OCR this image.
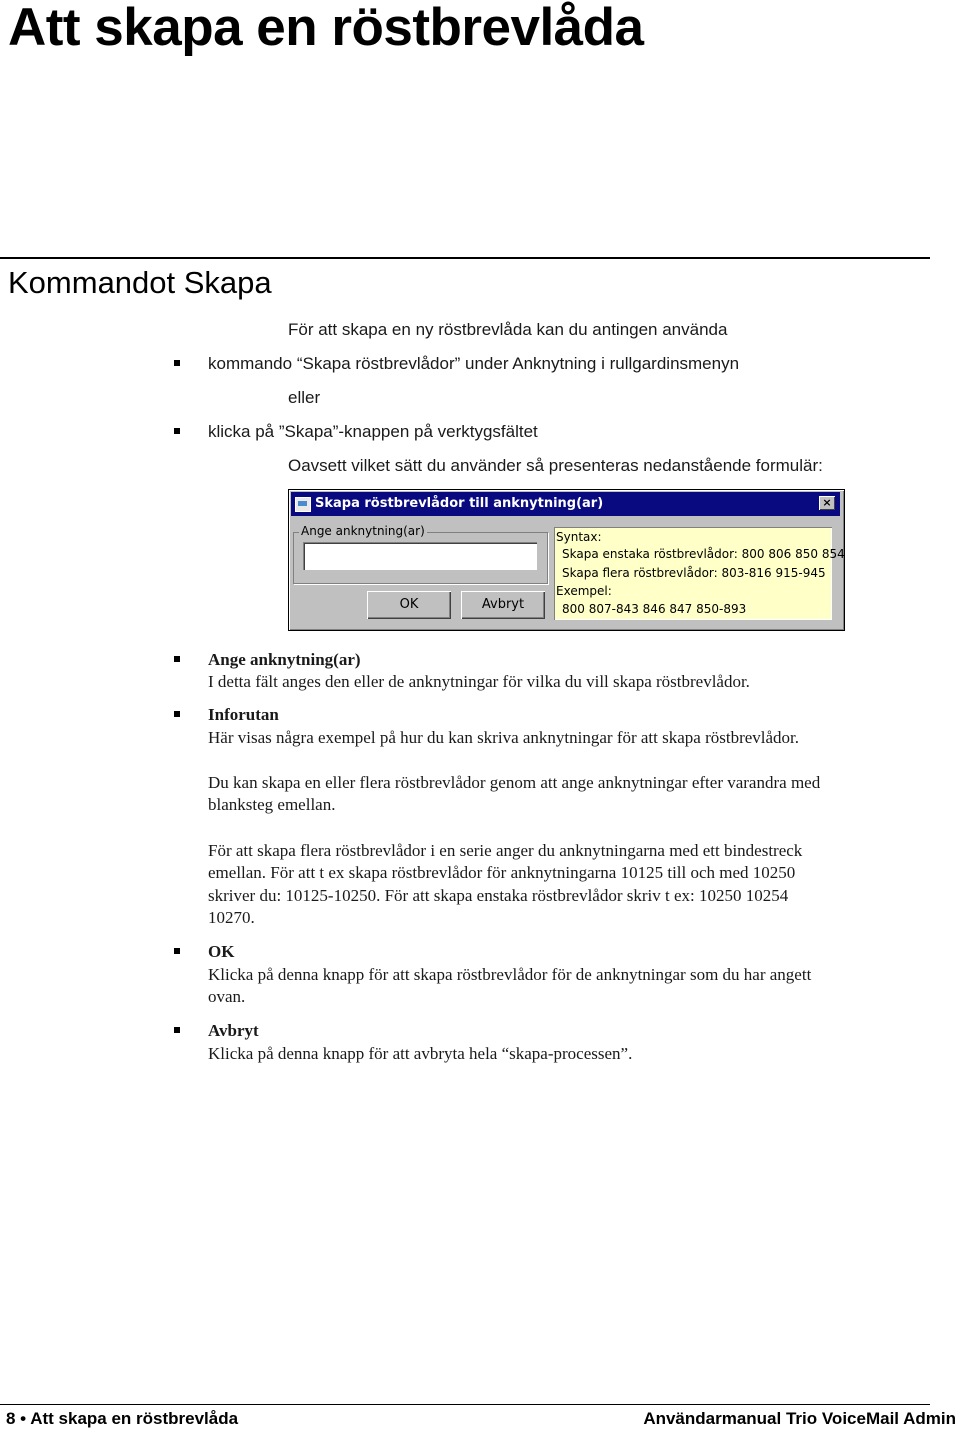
Att skapa en röstbrevlåda
Kommandot Skapa
För att skapa en ny röstbrevlåda kan du antingen använda
kommando “Skapa röstbrevlådor” under Anknytning i rullgardinsmenyn
eller
klicka på ”Skapa”-knappen på verktygsfältet
Oavsett vilket sätt du använder så presenteras nedanstående formulär:
Skapa röstbrevlådor till anknytning(ar)	×
Ange anknytning(ar)
OK	Avbryt
Syntax:
Skapa enstaka röstbrevlådor: 800 806 850 854
Skapa flera röstbrevlådor: 803-816 915-945
Exempel:
800 807-843 846 847 850-893
Ange anknytning(ar)
I detta fält anges den eller de anknytningar för vilka du vill skapa röstbrevlådor.
Inforutan
Här visas några exempel på hur du kan skriva anknytningar för att skapa röstbrevlådor.
Du kan skapa en eller flera röstbrevlådor genom att ange anknytningar efter varandra med
blanksteg emellan.
För att skapa flera röstbrevlådor i en serie anger du anknytningarna med ett bindestreck
emellan. För att t ex skapa röstbrevlådor för anknytningarna 10125 till och med 10250
skriver du: 10125-10250. För att skapa enstaka röstbrevlådor skriv t ex: 10250 10254
10270.
OK
Klicka på denna knapp för att skapa röstbrevlådor för de anknytningar som du har angett
ovan.
Avbryt
Klicka på denna knapp för att avbryta hela “skapa-processen”.
8 • Att skapa en röstbrevlåda	Användarmanual Trio VoiceMail Admin
